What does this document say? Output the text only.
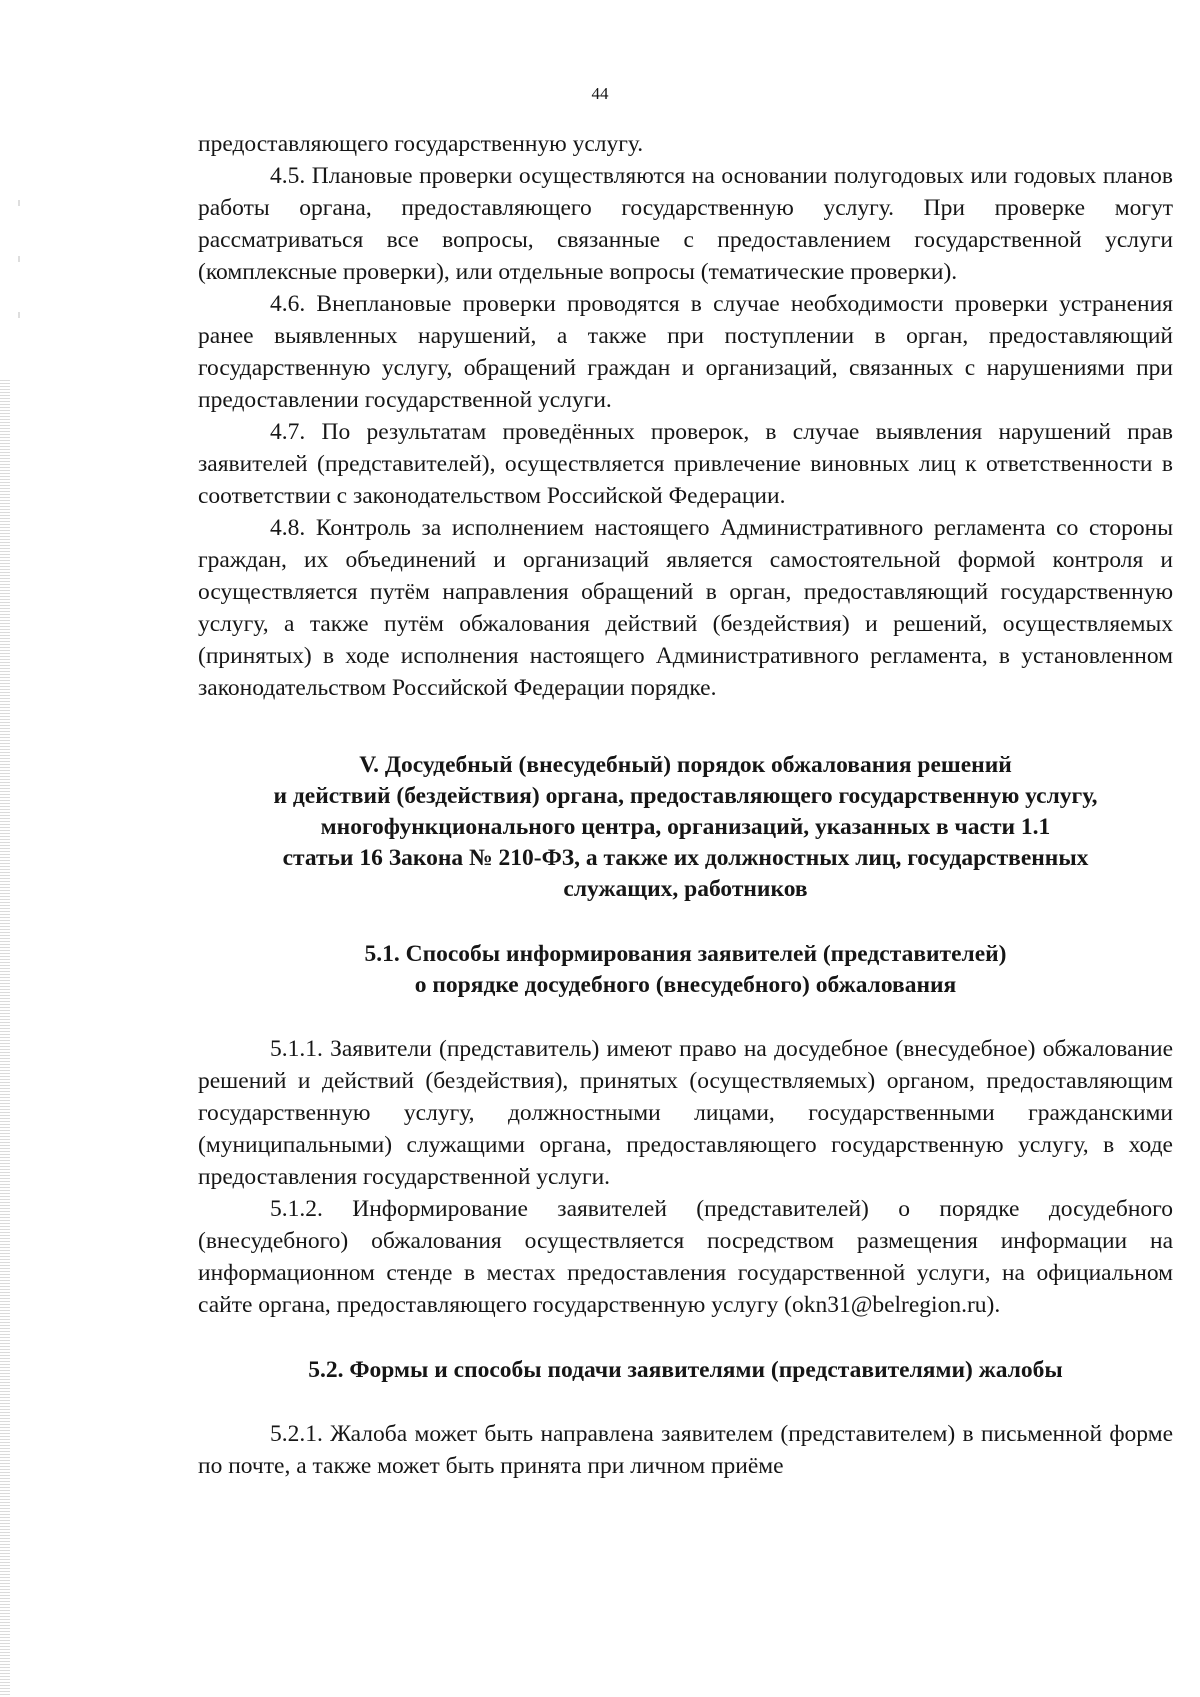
44

предоставляющего государственную услугу.

4.5. Плановые проверки осуществляются на основании полугодовых или годовых планов работы органа, предоставляющего государственную услугу. При проверке могут рассматриваться все вопросы, связанные с предоставлением государственной услуги (комплексные проверки), или отдельные вопросы (тематические проверки).

4.6. Внеплановые проверки проводятся в случае необходимости проверки устранения ранее выявленных нарушений, а также при поступлении в орган, предоставляющий государственную услугу, обращений граждан и организаций, связанных с нарушениями при предоставлении государственной услуги.

4.7. По результатам проведённых проверок, в случае выявления нарушений прав заявителей (представителей), осуществляется привлечение виновных лиц к ответственности в соответствии с законодательством Российской Федерации.

4.8. Контроль за исполнением настоящего Административного регламента со стороны граждан, их объединений и организаций является самостоятельной формой контроля и осуществляется путём направления обращений в орган, предоставляющий государственную услугу, а также путём обжалования действий (бездействия) и решений, осуществляемых (принятых) в ходе исполнения настоящего Административного регламента, в установленном законодательством Российской Федерации порядке.

V. Досудебный (внесудебный) порядок обжалования решений
и действий (бездействия) органа, предоставляющего государственную услугу,
многофункционального центра, организаций, указанных в части 1.1
статьи 16 Закона № 210-ФЗ, а также их должностных лиц, государственных
служащих, работников
5.1. Способы информирования заявителей (представителей)
о порядке досудебного (внесудебного) обжалования

5.1.1. Заявители (представитель) имеют право на досудебное (внесудебное) обжалование решений и действий (бездействия), принятых (осуществляемых) органом, предоставляющим государственную услугу, должностными лицами, государственными гражданскими (муниципальными) служащими органа, предоставляющего государственную услугу, в ходе предоставления государственной услуги.

5.1.2. Информирование заявителей (представителей) о порядке досудебного (внесудебного) обжалования осуществляется посредством размещения информации на информационном стенде в местах предоставления государственной услуги, на официальном сайте органа, предоставляющего государственную услугу (okn31@belregion.ru).

5.2. Формы и способы подачи заявителями (представителями) жалобы

5.2.1. Жалоба может быть направлена заявителем (представителем) в письменной форме по почте, а также может быть принята при личном приёме
